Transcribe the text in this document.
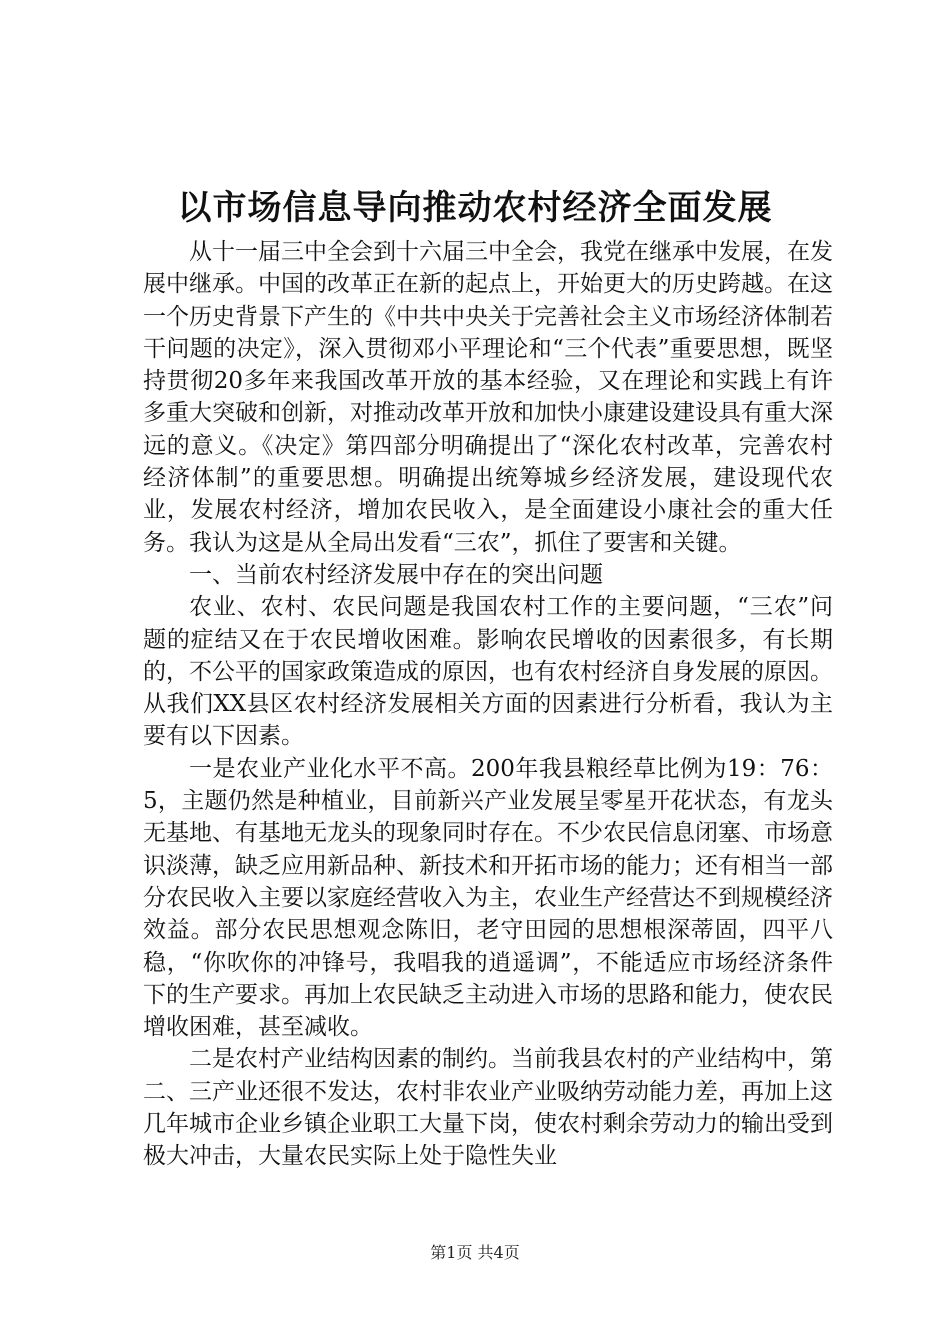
以市场信息导向推动农村经济全面发展

从十一届三中全会到十六届三中全会，我党在继承中发展，在发展中继承。中国的改革正在新的起点上，开始更大的历史跨越。在这一个历史背景下产生的《中共中央关于完善社会主义市场经济体制若干问题的决定》，深入贯彻邓小平理论和“三个代表”重要思想，既坚持贯彻20多年来我国改革开放的基本经验，又在理论和实践上有许多重大突破和创新，对推动改革开放和加快小康建设建设具有重大深远的意义。《决定》第四部分明确提出了“深化农村改革，完善农村经济体制”的重要思想。明确提出统筹城乡经济发展，建设现代农业，发展农村经济，增加农民收入，是全面建设小康社会的重大任务。我认为这是从全局出发看“三农”，抓住了要害和关键。

一、当前农村经济发展中存在的突出问题

农业、农村、农民问题是我国农村工作的主要问题，“三农”问题的症结又在于农民增收困难。影响农民增收的因素很多，有长期的，不公平的国家政策造成的原因，也有农村经济自身发展的原因。从我们XX县区农村经济发展相关方面的因素进行分析看，我认为主要有以下因素。

一是农业产业化水平不高。200年我县粮经草比例为19：76：5，主题仍然是种植业，目前新兴产业发展呈零星开花状态，有龙头无基地、有基地无龙头的现象同时存在。不少农民信息闭塞、市场意识淡薄，缺乏应用新品种、新技术和开拓市场的能力；还有相当一部分农民收入主要以家庭经营收入为主，农业生产经营达不到规模经济效益。部分农民思想观念陈旧，老守田园的思想根深蒂固，四平八稳，“你吹你的冲锋号，我唱我的逍遥调”，不能适应市场经济条件下的生产要求。再加上农民缺乏主动进入市场的思路和能力，使农民增收困难，甚至减收。

二是农村产业结构因素的制约。当前我县农村的产业结构中，第二、三产业还很不发达，农村非农业产业吸纳劳动能力差，再加上这几年城市企业乡镇企业职工大量下岗，使农村剩余劳动力的输出受到极大冲击，大量农民实际上处于隐性失业

第1页 共4页
